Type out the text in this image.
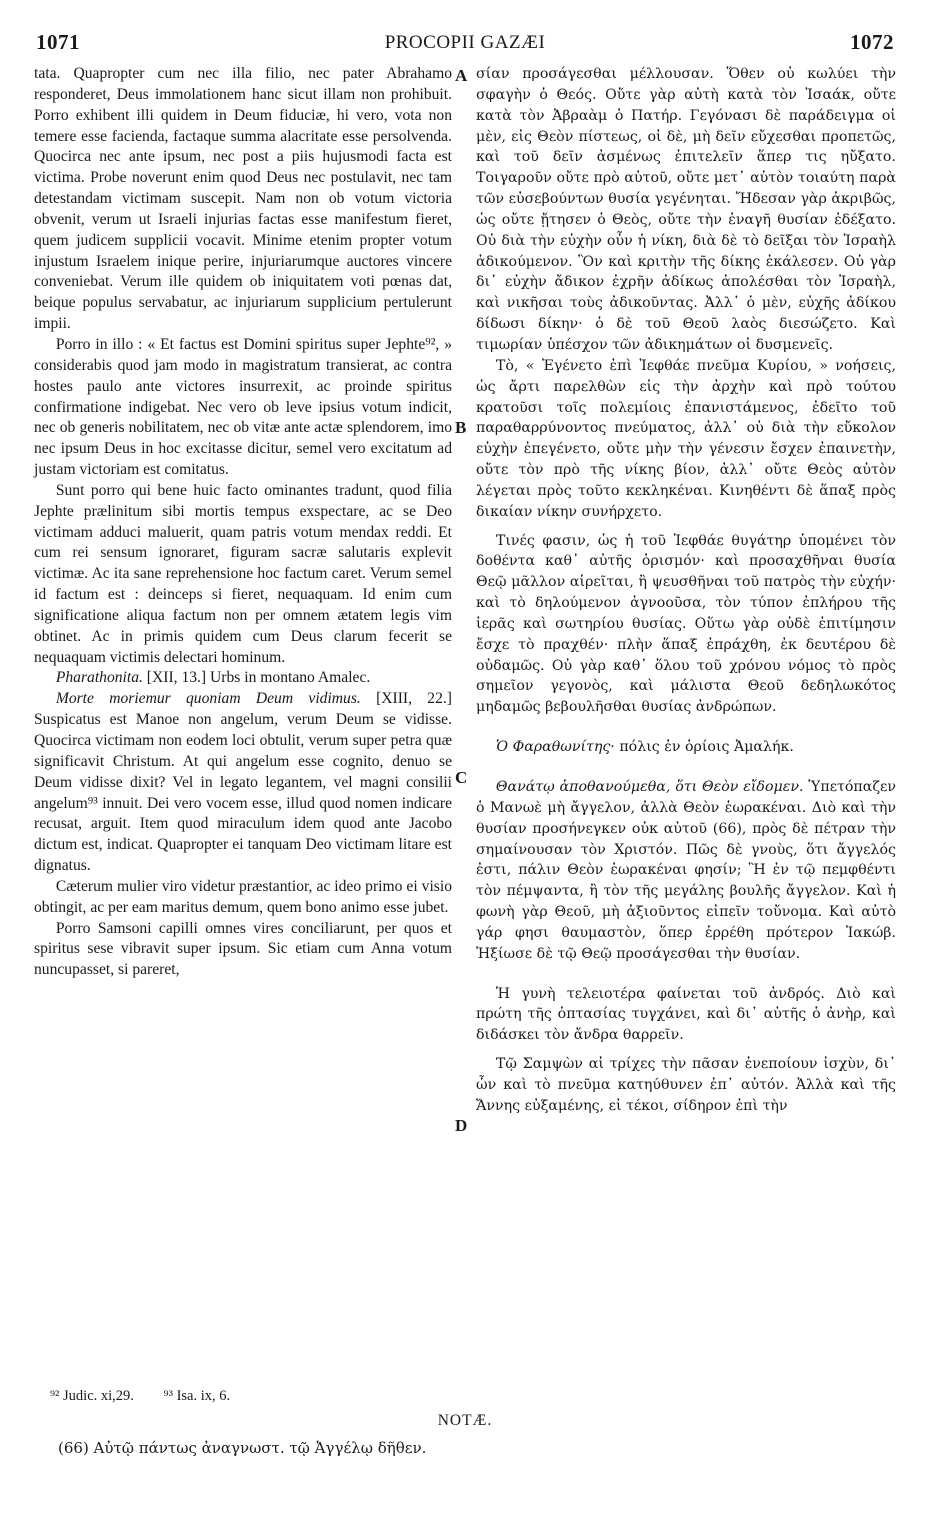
1071	PROCOPII GAZÆI	1072
A
B
C
D

tata. Quapropter cum nec illa filio, nec pater Abrahamo responderet, Deus immolationem hanc sicut illam non prohibuit. Porro exhibent illi quidem in Deum fiduciæ, hi vero, vota non temere esse facienda, factaque summa alacritate esse persolvenda. Quocirca nec ante ipsum, nec post a piis hujusmodi facta est victima. Probe noverunt enim quod Deus nec postulavit, nec tam detestandam victimam suscepit. Nam non ob votum victoria obvenit, verum ut Israeli injurias factas esse manifestum fieret, quem judicem supplicii vocavit. Minime etenim propter votum injustum Israelem inique perire, injuriarumque auctores vincere conveniebat. Verum ille quidem ob iniquitatem voti pœnas dat, beique populus servabatur, ac injuriarum supplicium pertulerunt impii.

Porro in illo : « Et factus est Domini spiritus super Jephte⁹², » considerabis quod jam modo in magistratum transierat, ac contra hostes paulo ante victores insurrexit, ac proinde spiritus confirmatione indigebat. Nec vero ob leve ipsius votum indicit, nec ob generis nobilitatem, nec ob vitæ ante actæ splendorem, imo nec ipsum Deus in hoc excitasse dicitur, semel vero excitatum ad justam victoriam est comitatus.

Sunt porro qui bene huic facto ominantes tradunt, quod filia Jephte prælinitum sibi mortis tempus exspectare, ac se Deo victimam adduci maluerit, quam patris votum mendax reddi. Et cum rei sensum ignoraret, figuram sacræ salutaris explevit victimæ. Ac ita sane reprehensione hoc factum caret. Verum semel id factum est : deinceps si fieret, nequaquam. Id enim cum significatione aliqua factum non per omnem ætatem legis vim obtinet. Ac in primis quidem cum Deus clarum fecerit se nequaquam victimis delectari hominum.

Pharathonita. [XII, 13.] Urbs in montano Amalec.

Morte moriemur quoniam Deum vidimus. [XIII, 22.] Suspicatus est Manoe non angelum, verum Deum se vidisse. Quocirca victimam non eodem loci obtulit, verum super petra quæ significavit Christum. At qui angelum esse cognito, denuo se Deum vidisse dixit? Vel in legato legantem, vel magni consilii angelum⁹³ innuit. Dei vero vocem esse, illud quod nomen indicare recusat, arguit. Item quod miraculum idem quod ante Jacobo dictum est, indicat. Quapropter ei tanquam Deo victimam litare est dignatus.

Cæterum mulier viro videtur præstantior, ac ideo primo ei visio obtingit, ac per eam maritus demum, quem bono animo esse jubet.

Porro Samsoni capilli omnes vires conciliarunt, per quos et spiritus sese vibravit super ipsum. Sic etiam cum Anna votum nuncupasset, si pareret,

σίαν προσάγεσθαι μέλλουσαν. Ὅθεν οὐ κωλύει τὴν σφαγὴν ὁ Θεός. Οὔτε γὰρ αὐτὴ κατὰ τὸν Ἰσαάκ, οὔτε κατὰ τὸν Ἀβραὰμ ὁ Πατήρ. Γεγόνασι δὲ παράδειγμα οἱ μὲν, εἰς Θεὸν πίστεως, οἱ δὲ, μὴ δεῖν εὔχεσθαι προπετῶς, καὶ τοῦ δεῖν ἀσμένως ἐπιτελεῖν ἅπερ τις ηὔξατο. Τοιγαροῦν οὔτε πρὸ αὐτοῦ, οὔτε μετ᾽ αὐτὸν τοιαύτη παρὰ τῶν εὐσεβούντων θυσία γεγένηται. Ἤδεσαν γὰρ ἀκριβῶς, ὡς οὔτε ᾔτησεν ὁ Θεὸς, οὔτε τὴν ἐναγῆ θυσίαν ἐδέξατο. Οὐ διὰ τὴν εὐχὴν οὖν ἡ νίκη, διὰ δὲ τὸ δεῖξαι τὸν Ἰσραὴλ ἀδικούμενον. Ὃν καὶ κριτὴν τῆς δίκης ἐκάλεσεν. Οὐ γὰρ δι᾽ εὐχὴν ἄδικον ἐχρῆν ἀδίκως ἀπολέσθαι τὸν Ἰσραὴλ, καὶ νικῆσαι τοὺς ἀδικοῦντας. Ἀλλ᾽ ὁ μὲν, εὐχῆς ἀδίκου δίδωσι δίκην· ὁ δὲ τοῦ Θεοῦ λαὸς διεσώζετο. Καὶ τιμωρίαν ὑπέσχον τῶν ἀδικημάτων οἱ δυσμενεῖς.

Τὸ, « Ἐγένετο ἐπὶ Ἰεφθάε πνεῦμα Κυρίου, » νοήσεις, ὡς ἄρτι παρελθὼν εἰς τὴν ἀρχὴν καὶ πρὸ τούτου κρατοῦσι τοῖς πολεμίοις ἐπανιστάμενος, ἐδεῖτο τοῦ παραθαρρύνοντος πνεύματος, ἀλλ᾽ οὐ διὰ τὴν εὔκολον εὐχὴν ἐπεγένετο, οὔτε μὴν τὴν γένεσιν ἔσχεν ἐπαινετὴν, οὔτε τὸν πρὸ τῆς νίκης βίον, ἀλλ᾽ οὔτε Θεὸς αὐτὸν λέγεται πρὸς τοῦτο κεκληκέναι. Κινηθέντι δὲ ἅπαξ πρὸς δικαίαν νίκην συνήρχετο.

Τινές φασιν, ὡς ἡ τοῦ Ἰεφθάε θυγάτηρ ὑπομένει τὸν δοθέντα καθ᾽ αὐτῆς ὁρισμόν· καὶ προσαχθῆναι θυσία Θεῷ μᾶλλον αἱρεῖται, ἢ ψευσθῆναι τοῦ πατρὸς τὴν εὐχήν· καὶ τὸ δηλούμενον ἀγνοοῦσα, τὸν τύπον ἐπλήρου τῆς ἱερᾶς καὶ σωτηρίου θυσίας. Οὕτω γὰρ οὐδὲ ἐπιτίμησιν ἔσχε τὸ πραχθέν· πλὴν ἅπαξ ἐπράχθη, ἐκ δευτέρου δὲ οὐδαμῶς. Οὐ γὰρ καθ᾽ ὅλου τοῦ χρόνου νόμος τὸ πρὸς σημεῖον γεγονὸς, καὶ μάλιστα Θεοῦ δεδηλωκότος μηδαμῶς βεβουλῆσθαι θυσίας ἀνδρώπων.

Ὁ Φαραθωνίτης· πόλις ἐν ὁρίοις Ἀμαλήκ.

Θανάτῳ ἀποθανούμεθα, ὅτι Θεὸν εἴδομεν. Ὑπετόπαζεν ὁ Μανωὲ μὴ ἄγγελον, ἀλλὰ Θεὸν ἑωρακέναι. Διὸ καὶ τὴν θυσίαν προσήνεγκεν οὐκ αὐτοῦ (66), πρὸς δὲ πέτραν τὴν σημαίνουσαν τὸν Χριστόν. Πῶς δὲ γνοὺς, ὅτι ἄγγελός ἐστι, πάλιν Θεὸν ἑωρακέναι φησίν; Ἢ ἐν τῷ πεμφθέντι τὸν πέμψαντα, ἢ τὸν τῆς μεγάλης βουλῆς ἄγγελον. Καὶ ἡ φωνὴ γὰρ Θεοῦ, μὴ ἀξιοῦντος εἰπεῖν τοὔνομα. Καὶ αὐτὸ γάρ φησι θαυμαστὸν, ὅπερ ἐρρέθη πρότερον Ἰακώβ. Ἠξίωσε δὲ τῷ Θεῷ προσάγεσθαι τὴν θυσίαν.

Ἡ γυνὴ τελειοτέρα φαίνεται τοῦ ἀνδρός. Διὸ καὶ πρώτη τῆς ὀπτασίας τυγχάνει, καὶ δι᾽ αὐτῆς ὁ ἀνὴρ, καὶ διδάσκει τὸν ἄνδρα θαρρεῖν.

Τῷ Σαμψὼν αἱ τρίχες τὴν πᾶσαν ἐνεποίουν ἰσχὺν, δι᾽ ὧν καὶ τὸ πνεῦμα κατηύθυνεν ἐπ᾽ αὐτόν. Ἀλλὰ καὶ τῆς Ἄννης εὐξαμένης, εἰ τέκοι, σίδηρον ἐπὶ τὴν

⁹² Judic. xi,29. ⁹³ Isa. ix, 6.
NOTÆ.
(66) Αὐτῷ πάντως ἀναγνωστ. τῷ Ἀγγέλῳ δῆθεν.
